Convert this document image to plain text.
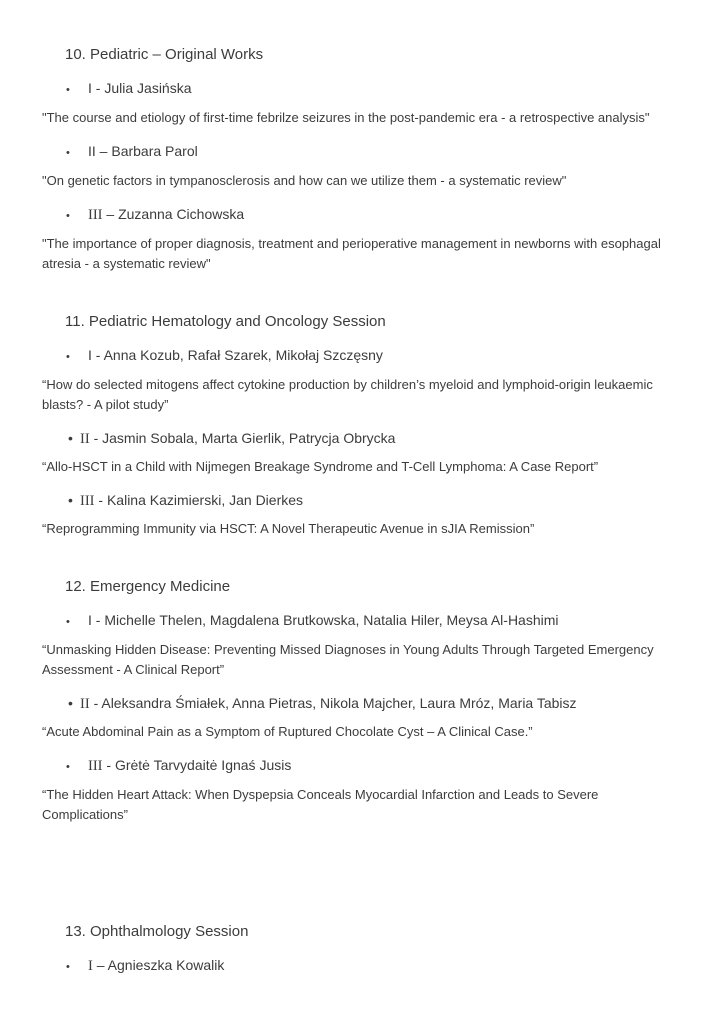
10. Pediatric – Original Works
•	I - Julia Jasińska

"The course and etiology of first-time febrilze seizures in the post-pandemic era - a retrospective analysis"

•	II – Barbara Parol

"On genetic factors in tympanosclerosis and how can we utilize them - a systematic review"

•	III – Zuzanna Cichowska

"The importance of proper diagnosis, treatment and perioperative management in newborns with esophagal atresia - a systematic review"

11. Pediatric Hematology and Oncology Session
•	I - Anna Kozub, Rafał Szarek, Mikołaj Szczęsny

“How do selected mitogens affect cytokine production by children’s myeloid and lymphoid-origin leukaemic blasts? - A pilot study”

• II - Jasmin Sobala, Marta Gierlik, Patrycja Obrycka

“Allo-HSCT in a Child with Nijmegen Breakage Syndrome and T-Cell Lymphoma: A Case Report”

• III - Kalina Kazimierski, Jan Dierkes

“Reprogramming Immunity via HSCT: A Novel Therapeutic Avenue in sJIA Remission”

12. Emergency Medicine
•	I - Michelle Thelen, Magdalena Brutkowska, Natalia Hiler, Meysa Al-Hashimi

“Unmasking Hidden Disease: Preventing Missed Diagnoses in Young Adults Through Targeted Emergency Assessment - A Clinical Report”

• II - Aleksandra Śmiałek, Anna Pietras, Nikola Majcher, Laura Mróz, Maria Tabisz

“Acute Abdominal Pain as a Symptom of Ruptured Chocolate Cyst – A Clinical Case.”

•	III - Grėtė Tarvydaitė Ignaś Jusis

“The Hidden Heart Attack: When Dyspepsia Conceals Myocardial Infarction and Leads to Severe Complications”

13. Ophthalmology Session
•	I – Agnieszka Kowalik
